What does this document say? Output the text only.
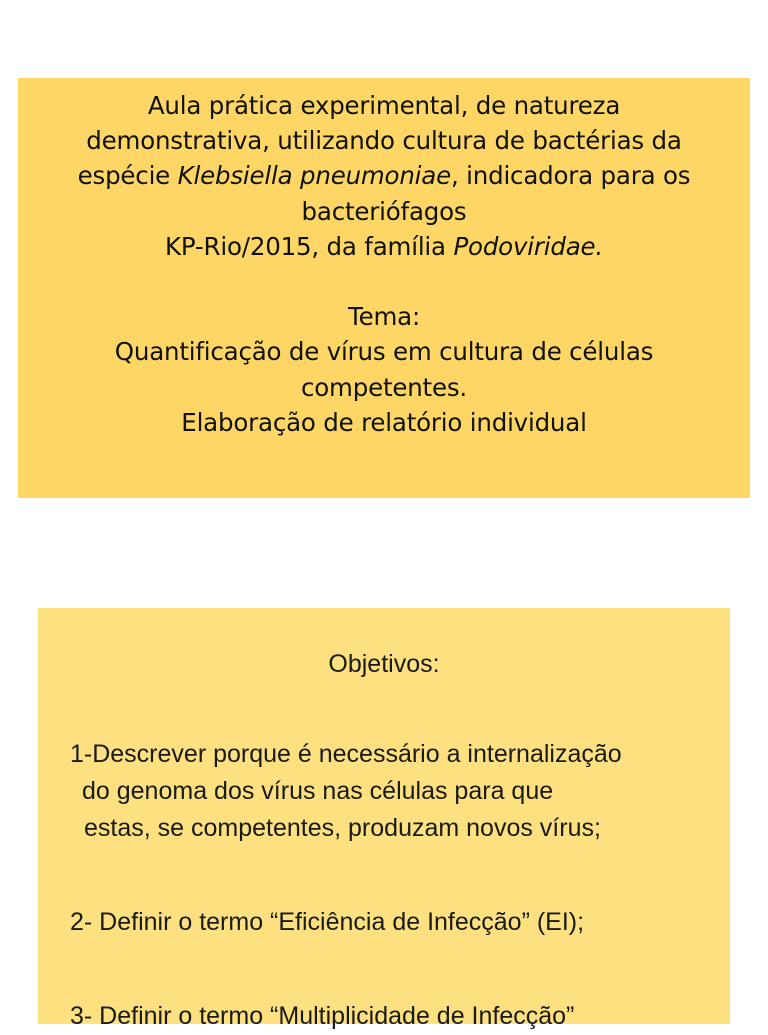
Aula prática experimental, de natureza
demonstrativa, utilizando cultura de bactérias da
espécie Klebsiella pneumoniae, indicadora para os
bacteriófagos
KP-Rio/2015, da família Podoviridae.
Tema:
Quantificação de vírus em cultura de células
competentes.
Elaboração de relatório individual
Objetivos:
1-Descrever porque é necessário a internalização
do genoma dos vírus nas células para que
estas, se competentes, produzam novos vírus;
2- Definir o termo “Eficiência de Infecção” (EI);
3- Definir o termo “Multiplicidade de Infecção”
